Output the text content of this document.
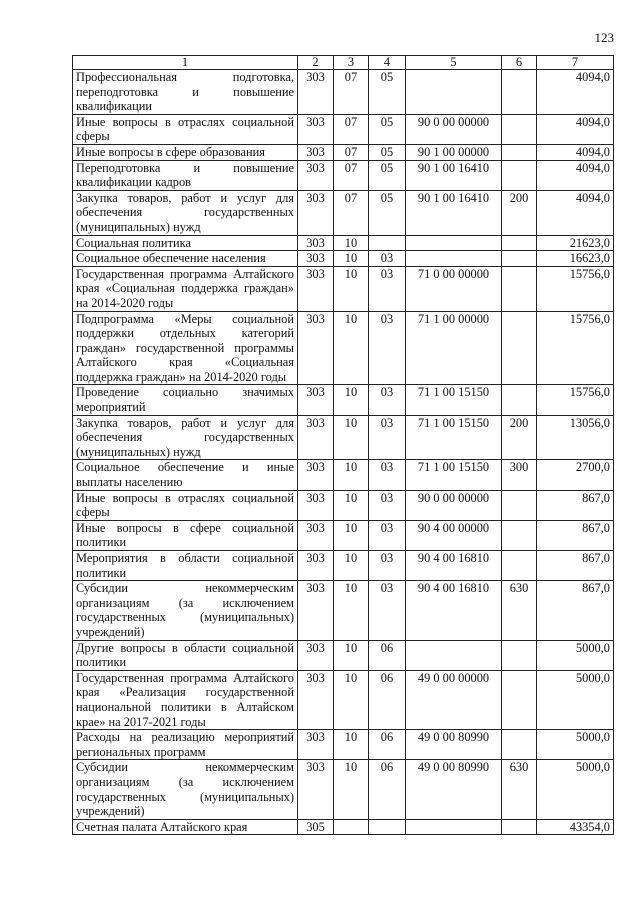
123
1	2	3	4	5	6	7
Профессиональная подготовка, переподготовка и повышение квалификации	303	07	05			4094,0
Иные вопросы в отраслях социальной сферы	303	07	05	90 0 00 00000		4094,0
Иные вопросы в сфере образования	303	07	05	90 1 00 00000		4094,0
Переподготовка и повышение квалификации кадров	303	07	05	90 1 00 16410		4094,0
Закупка товаров, работ и услуг для обеспечения государственных (муниципальных) нужд	303	07	05	90 1 00 16410	200	4094,0
Социальная политика	303	10				21623,0
Социальное обеспечение населения	303	10	03			16623,0
Государственная программа Алтайского края «Социальная поддержка граждан» на 2014-2020 годы	303	10	03	71 0 00 00000		15756,0
Подпрограмма «Меры социальной поддержки отдельных категорий граждан» государственной программы Алтайского края «Социальная поддержка граждан» на 2014-2020 годы	303	10	03	71 1 00 00000		15756,0
Проведение социально значимых мероприятий	303	10	03	71 1 00 15150		15756,0
Закупка товаров, работ и услуг для обеспечения государственных (муниципальных) нужд	303	10	03	71 1 00 15150	200	13056,0
Социальное обеспечение и иные выплаты населению	303	10	03	71 1 00 15150	300	2700,0
Иные вопросы в отраслях социальной сферы	303	10	03	90 0 00 00000		867,0
Иные вопросы в сфере социальной политики	303	10	03	90 4 00 00000		867,0
Мероприятия в области социальной политики	303	10	03	90 4 00 16810		867,0
Субсидии некоммерческим организациям (за исключением государственных (муниципальных) учреждений)	303	10	03	90 4 00 16810	630	867,0
Другие вопросы в области социальной политики	303	10	06			5000,0
Государственная программа Алтайского края «Реализация государственной национальной политики в Алтайском крае» на 2017-2021 годы	303	10	06	49 0 00 00000		5000,0
Расходы на реализацию мероприятий региональных программ	303	10	06	49 0 00 80990		5000,0
Субсидии некоммерческим организациям (за исключением государственных (муниципальных) учреждений)	303	10	06	49 0 00 80990	630	5000,0
Счетная палата Алтайского края	305					43354,0
